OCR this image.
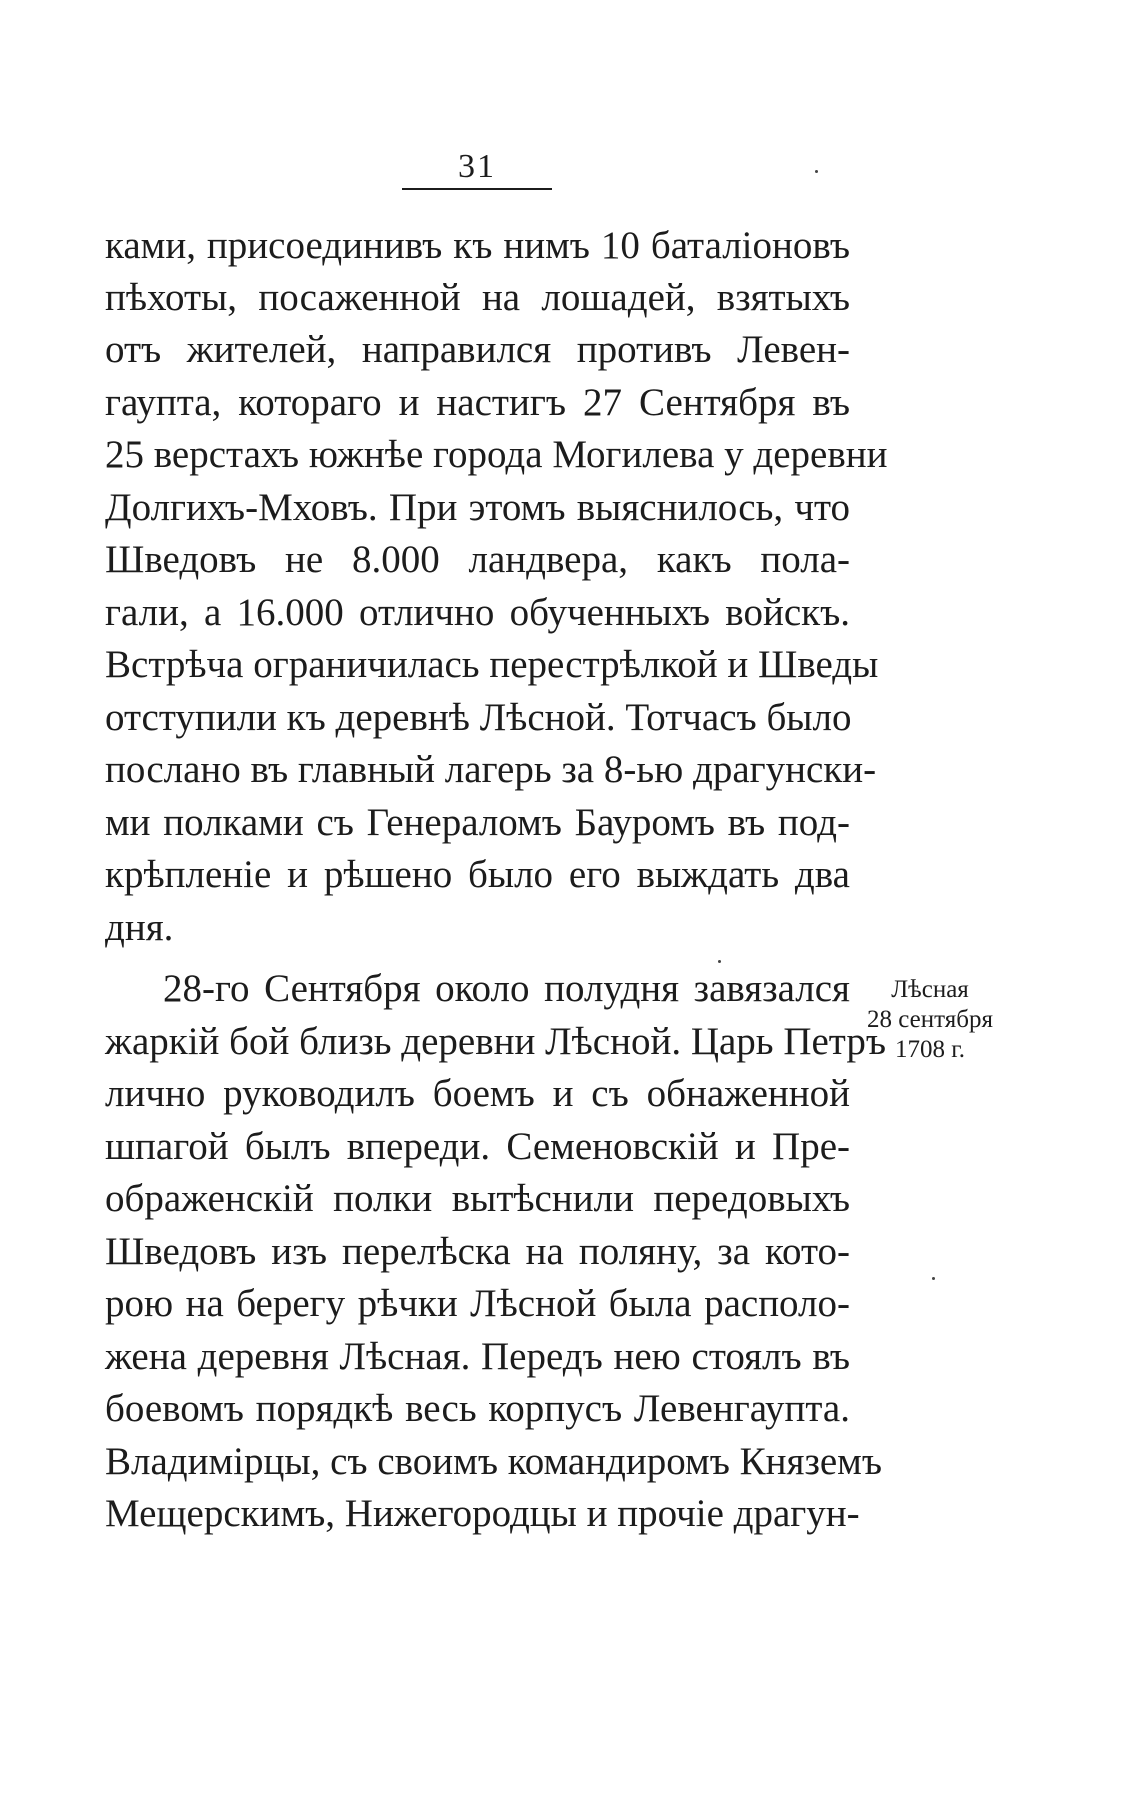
31
ками, присоединивъ къ нимъ 10 баталіоновъ
пѣхоты, посаженной на лошадей, взятыхъ
отъ жителей, направился противъ Левен-
гаупта, котораго и настигъ 27 Сентября въ
25 верстахъ южнѣе города Могилева у деревни
Долгихъ-Мховъ. При этомъ выяснилось, что
Шведовъ не 8.000 ландвера, какъ пола-
гали, а 16.000 отлично обученныхъ войскъ.
Встрѣча ограничилась перестрѣлкой и Шведы
отступили къ деревнѣ Лѣсной. Тотчасъ было
послано въ главный лагерь за 8-ью драгунски-
ми полками съ Генераломъ Бауромъ въ под-
крѣпленіе и рѣшено было его выждать два
дня.
28-го Сентября около полудня завязался
жаркій бой близь деревни Лѣсной. Царь Петръ
лично руководилъ боемъ и съ обнаженной
шпагой былъ впереди. Семеновскій и Пре-
ображенскій полки вытѣснили передовыхъ
Шведовъ изъ перелѣска на поляну, за кото-
рою на берегу рѣчки Лѣсной была располо-
жена деревня Лѣсная. Передъ нею стоялъ въ
боевомъ порядкѣ весь корпусъ Левенгаупта.
Владимірцы, съ своимъ командиромъ Княземъ
Мещерскимъ, Нижегородцы и прочіе драгун-
Лѣсная
28 сентября
1708 г.
